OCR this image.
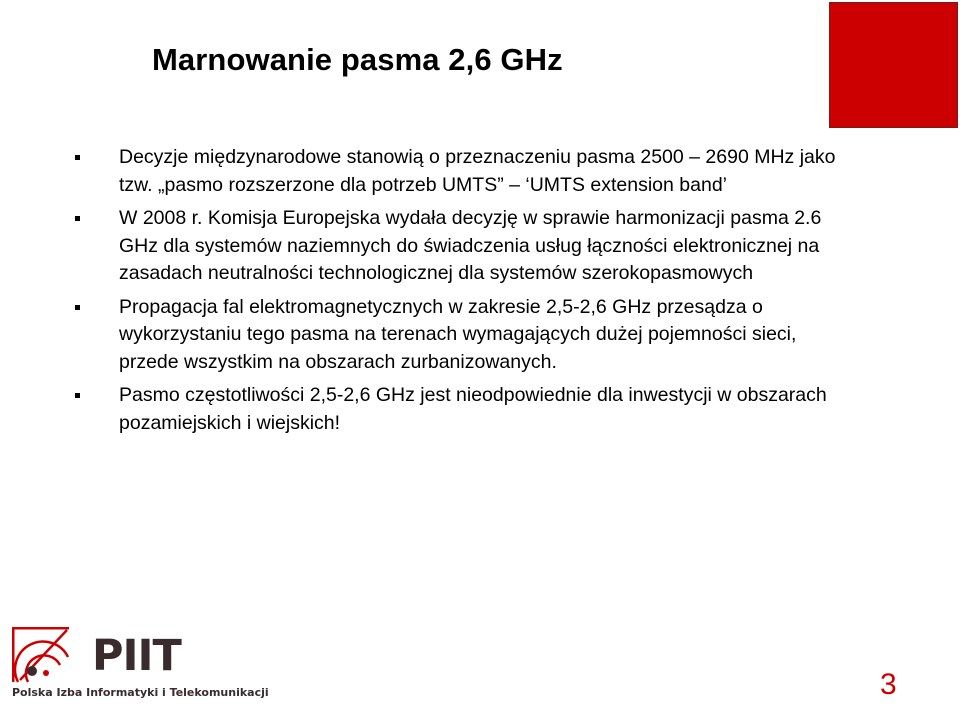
Marnowanie pasma 2,6 GHz
Decyzje międzynarodowe stanowią o przeznaczeniu pasma 2500 – 2690 MHz jako tzw. „pasmo rozszerzone dla potrzeb UMTS” – ‘UMTS extension band’
W 2008 r. Komisja Europejska wydała decyzję w sprawie harmonizacji pasma 2.6 GHz dla systemów naziemnych do świadczenia usług łączności elektronicznej na zasadach neutralności technologicznej dla systemów szerokopasmowych
Propagacja fal elektromagnetycznych w zakresie 2,5-2,6 GHz przesądza o wykorzystaniu tego pasma na terenach wymagających dużej pojemności sieci, przede wszystkim na obszarach zurbanizowanych.
Pasmo częstotliwości 2,5-2,6 GHz jest nieodpowiednie dla inwestycji w obszarach pozamiejskich i wiejskich!
PIIT
Polska Izba Informatyki i Telekomunikacji	3
